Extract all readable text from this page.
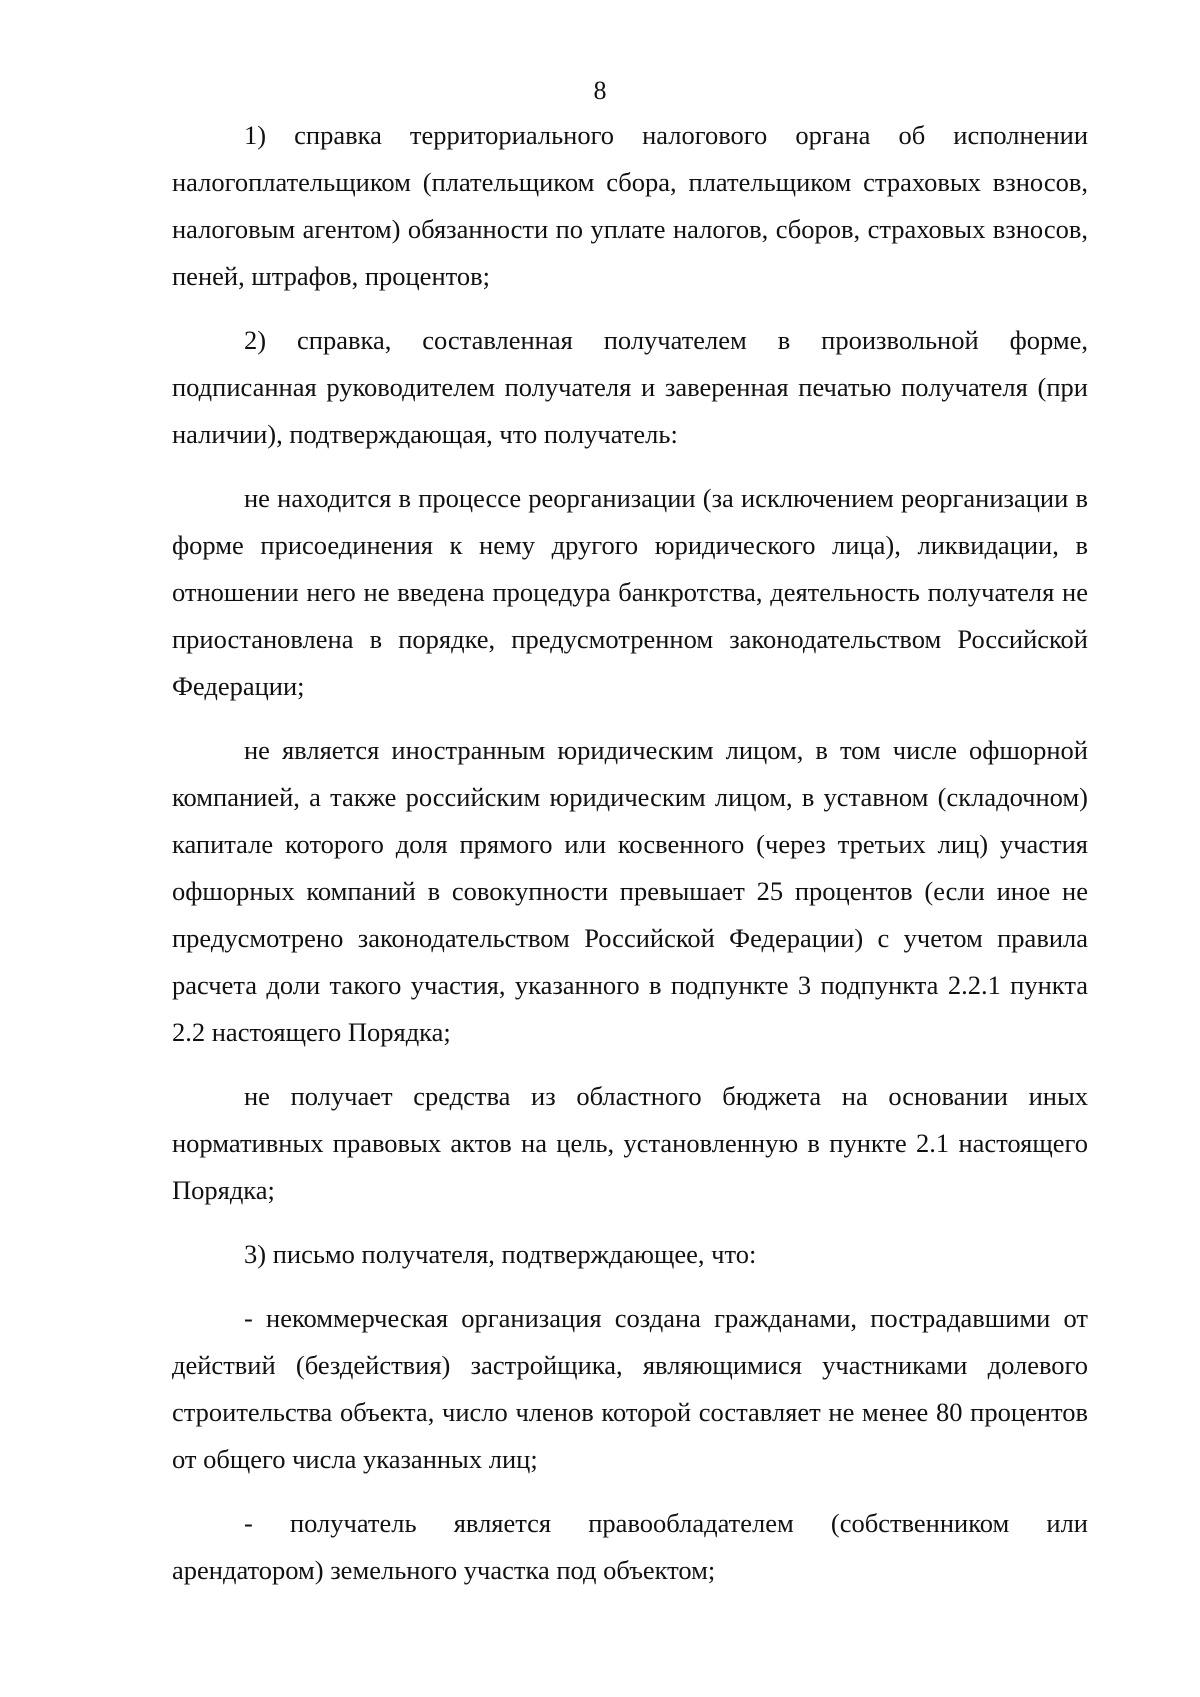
8

1) справка территориального налогового органа об исполнении налогоплательщиком (плательщиком сбора, плательщиком страховых взносов, налоговым агентом) обязанности по уплате налогов, сборов, страховых взносов, пеней, штрафов, процентов;

2) справка, составленная получателем в произвольной форме, подписанная руководителем получателя и заверенная печатью получателя (при наличии), подтверждающая, что получатель:

не находится в процессе реорганизации (за исключением реорганизации в форме присоединения к нему другого юридического лица), ликвидации, в отношении него не введена процедура банкротства, деятельность получателя не приостановлена в порядке, предусмотренном законодательством Российской Федерации;

не является иностранным юридическим лицом, в том числе офшорной компанией, а также российским юридическим лицом, в уставном (складочном) капитале которого доля прямого или косвенного (через третьих лиц) участия офшорных компаний в совокупности превышает 25 процентов (если иное не предусмотрено законодательством Российской Федерации) с учетом правила расчета доли такого участия, указанного в подпункте 3 подпункта 2.2.1 пункта 2.2 настоящего Порядка;

не получает средства из областного бюджета на основании иных нормативных правовых актов на цель, установленную в пункте 2.1 настоящего Порядка;

3) письмо получателя, подтверждающее, что:

- некоммерческая организация создана гражданами, пострадавшими от действий (бездействия) застройщика, являющимися участниками долевого строительства объекта, число членов которой составляет не менее 80 процентов от общего числа указанных лиц;

- получатель является правообладателем (собственником или арендатором) земельного участка под объектом;
